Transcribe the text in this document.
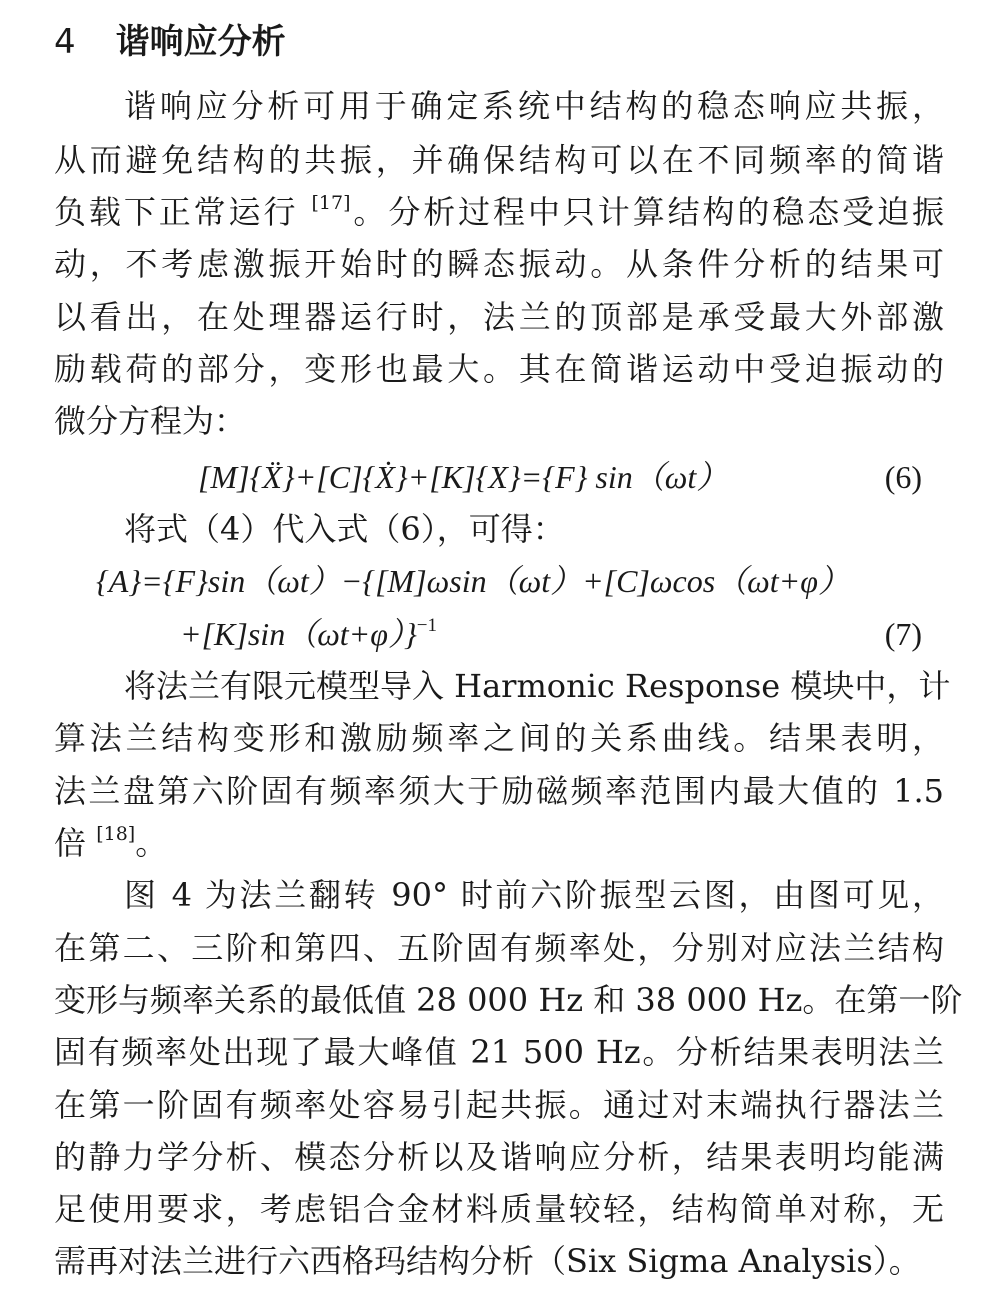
4 谐响应分析
谐响应分析可用于确定系统中结构的稳态响应共振，
从而避免结构的共振，并确保结构可以在不同频率的简谐
负载下正常运行 [17]。分析过程中只计算结构的稳态受迫振
动，不考虑激振开始时的瞬态振动。从条件分析的结果可
以看出，在处理器运行时，法兰的顶部是承受最大外部激
励载荷的部分，变形也最大。其在简谐运动中受迫振动的
微分方程为：
[M]{Ẍ}+[C]{Ẋ}+[K]{X}={F} sin（ωt）	(6)
将式（4）代入式（6），可得：
{A}={F}sin（ωt）−{[M]ωsin（ωt）+[C]ωcos（ωt+φ）
+[K]sin（ωt+φ）}$^{-1}$	(7)
将法兰有限元模型导入 Harmonic Response 模块中，计
算法兰结构变形和激励频率之间的关系曲线。结果表明，
法兰盘第六阶固有频率须大于励磁频率范围内最大值的 1.5
倍 [18]。
图 4 为法兰翻转 90° 时前六阶振型云图，由图可见，
在第二、三阶和第四、五阶固有频率处，分别对应法兰结构
变形与频率关系的最低值 28 000 Hz 和 38 000 Hz。在第一阶
固有频率处出现了最大峰值 21 500 Hz。分析结果表明法兰
在第一阶固有频率处容易引起共振。通过对末端执行器法兰
的静力学分析、模态分析以及谐响应分析，结果表明均能满
足使用要求，考虑铝合金材料质量较轻，结构简单对称，无
需再对法兰进行六西格玛结构分析（Six Sigma Analysis）。
